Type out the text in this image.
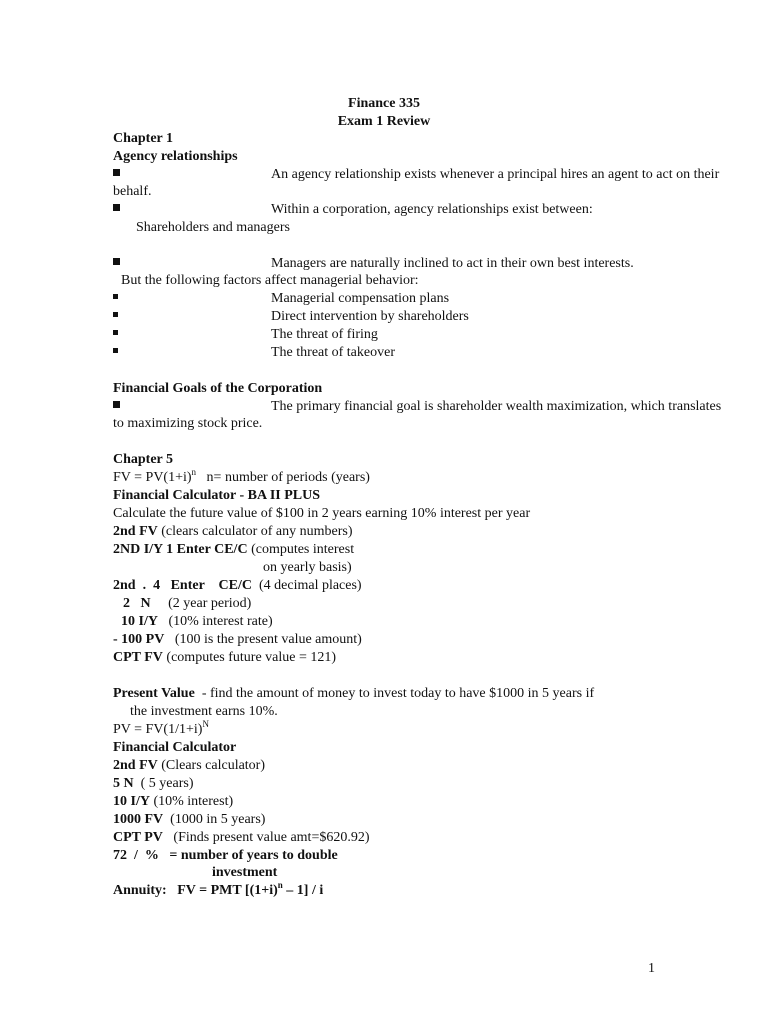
Finance 335
Exam 1 Review
Chapter 1
Agency relationships
An agency relationship exists whenever a principal hires an agent to act on their
behalf.
Within a corporation, agency relationships exist between:
Shareholders and managers
Managers are naturally inclined to act in their own best interests.
But the following factors affect managerial behavior:
Managerial compensation plans
Direct intervention by shareholders
The threat of firing
The threat of takeover
Financial Goals of the Corporation
The primary financial goal is shareholder wealth maximization, which translates
to maximizing stock price.
Chapter 5
FV = $PV(1+i)^n$ n= number of periods (years)
Financial Calculator - BA II PLUS
Calculate the future value of $100 in 2 years earning 10% interest per year
2nd FV (clears calculator of any numbers)
2ND I/Y 1 Enter CE/C (computes interest
on yearly basis)
2nd  .  4   Enter    CE/C  (4 decimal places)
2   N     (2 year period)
10 I/Y   (10% interest rate)
- 100 PV   (100 is the present value amount)
CPT FV (computes future value = 121)
Present Value  - find the amount of money to invest today to have $1000 in 5 years if
the investment earns 10%.
PV = $FV(1/1+i)^N$
Financial Calculator
2nd FV (Clears calculator)
5 N  ( 5 years)
10 I/Y (10% interest)
1000 FV  (1000 in 5 years)
CPT PV   (Finds present value amt=$620.92)
72  /  %   = number of years to double
investment
Annuity: FV = PMT $[(1+i)^n - 1] / i$
1
